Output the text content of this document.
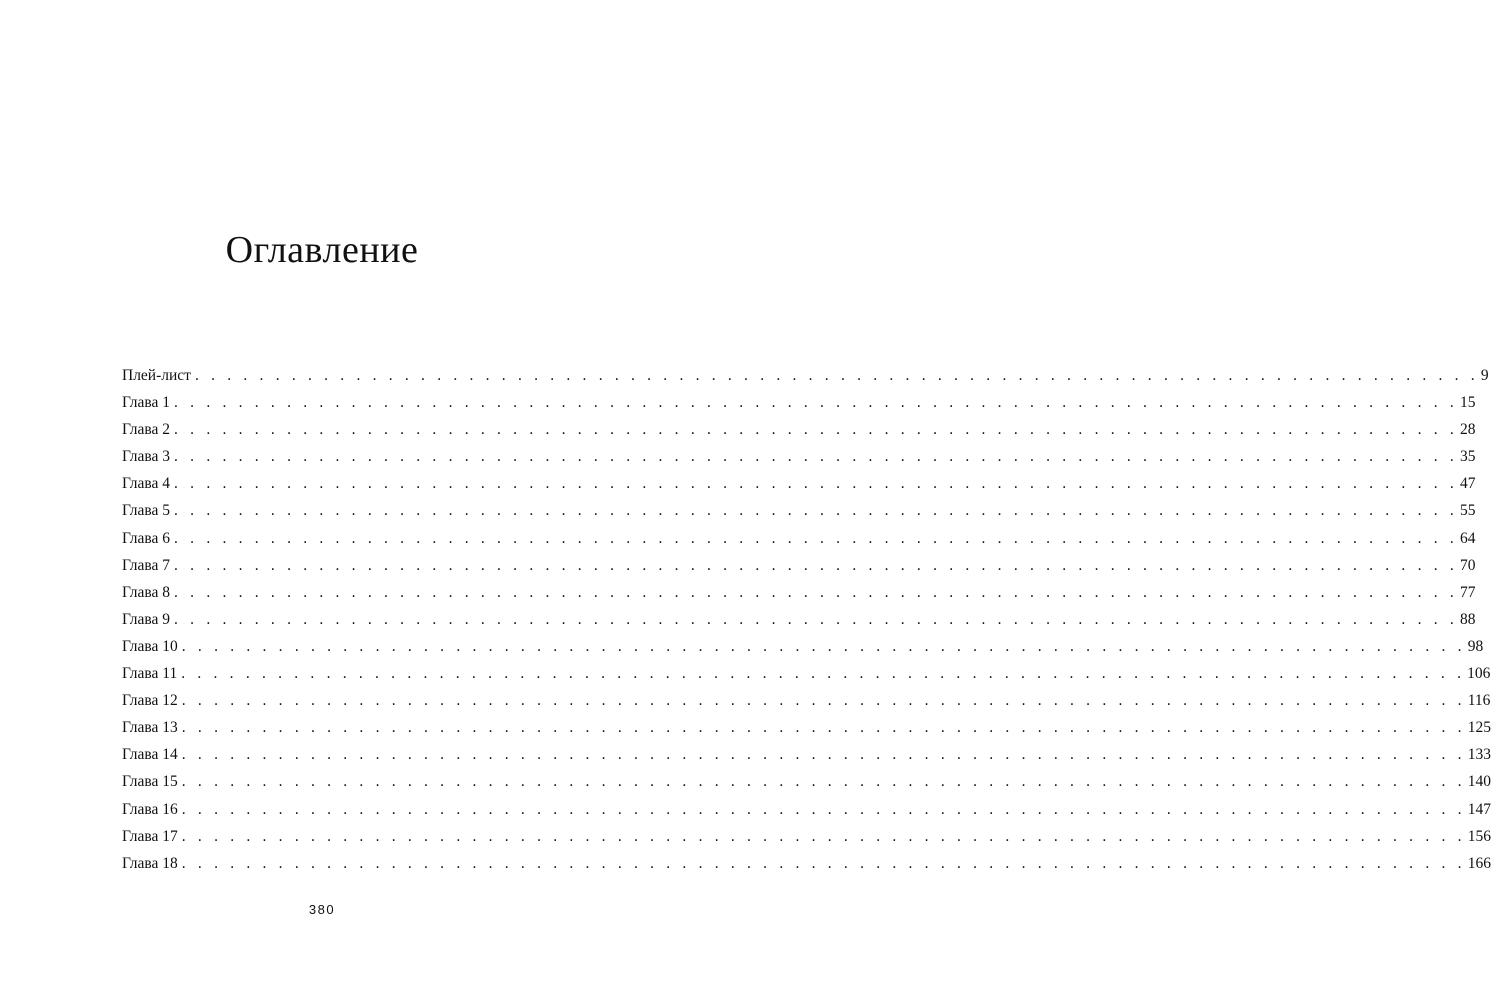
Оглавление
Плей-лист . . . . . . . . . . . . . . . . . . . . . . . . . . . . . . . . . . . . . . . . . . . . . . . . . . . . . . . . . . . . . . . . . . . . . . . . . . . . . . . . 9
Глава 1 . . . . . . . . . . . . . . . . . . . . . . . . . . . . . . . . . . . . . . . . . . . . . . . . . . . . . . . . . . . . . . . . . . . . . . . . . . . . . . . . 15
Глава 2 . . . . . . . . . . . . . . . . . . . . . . . . . . . . . . . . . . . . . . . . . . . . . . . . . . . . . . . . . . . . . . . . . . . . . . . . . . . . . . . . 28
Глава 3 . . . . . . . . . . . . . . . . . . . . . . . . . . . . . . . . . . . . . . . . . . . . . . . . . . . . . . . . . . . . . . . . . . . . . . . . . . . . . . . . 35
Глава 4 . . . . . . . . . . . . . . . . . . . . . . . . . . . . . . . . . . . . . . . . . . . . . . . . . . . . . . . . . . . . . . . . . . . . . . . . . . . . . . . . 47
Глава 5 . . . . . . . . . . . . . . . . . . . . . . . . . . . . . . . . . . . . . . . . . . . . . . . . . . . . . . . . . . . . . . . . . . . . . . . . . . . . . . . . 55
Глава 6 . . . . . . . . . . . . . . . . . . . . . . . . . . . . . . . . . . . . . . . . . . . . . . . . . . . . . . . . . . . . . . . . . . . . . . . . . . . . . . . . 64
Глава 7 . . . . . . . . . . . . . . . . . . . . . . . . . . . . . . . . . . . . . . . . . . . . . . . . . . . . . . . . . . . . . . . . . . . . . . . . . . . . . . . . 70
Глава 8 . . . . . . . . . . . . . . . . . . . . . . . . . . . . . . . . . . . . . . . . . . . . . . . . . . . . . . . . . . . . . . . . . . . . . . . . . . . . . . . . 77
Глава 9 . . . . . . . . . . . . . . . . . . . . . . . . . . . . . . . . . . . . . . . . . . . . . . . . . . . . . . . . . . . . . . . . . . . . . . . . . . . . . . . . 88
Глава 10 . . . . . . . . . . . . . . . . . . . . . . . . . . . . . . . . . . . . . . . . . . . . . . . . . . . . . . . . . . . . . . . . . . . . . . . . . . . . . . . . 98
Глава 11 . . . . . . . . . . . . . . . . . . . . . . . . . . . . . . . . . . . . . . . . . . . . . . . . . . . . . . . . . . . . . . . . . . . . . . . . . . . . . . . . 106
Глава 12 . . . . . . . . . . . . . . . . . . . . . . . . . . . . . . . . . . . . . . . . . . . . . . . . . . . . . . . . . . . . . . . . . . . . . . . . . . . . . . . . 116
Глава 13 . . . . . . . . . . . . . . . . . . . . . . . . . . . . . . . . . . . . . . . . . . . . . . . . . . . . . . . . . . . . . . . . . . . . . . . . . . . . . . . . 125
Глава 14 . . . . . . . . . . . . . . . . . . . . . . . . . . . . . . . . . . . . . . . . . . . . . . . . . . . . . . . . . . . . . . . . . . . . . . . . . . . . . . . . 133
Глава 15 . . . . . . . . . . . . . . . . . . . . . . . . . . . . . . . . . . . . . . . . . . . . . . . . . . . . . . . . . . . . . . . . . . . . . . . . . . . . . . . . 140
Глава 16 . . . . . . . . . . . . . . . . . . . . . . . . . . . . . . . . . . . . . . . . . . . . . . . . . . . . . . . . . . . . . . . . . . . . . . . . . . . . . . . . 147
Глава 17 . . . . . . . . . . . . . . . . . . . . . . . . . . . . . . . . . . . . . . . . . . . . . . . . . . . . . . . . . . . . . . . . . . . . . . . . . . . . . . . . 156
Глава 18 . . . . . . . . . . . . . . . . . . . . . . . . . . . . . . . . . . . . . . . . . . . . . . . . . . . . . . . . . . . . . . . . . . . . . . . . . . . . . . . . 166
380
